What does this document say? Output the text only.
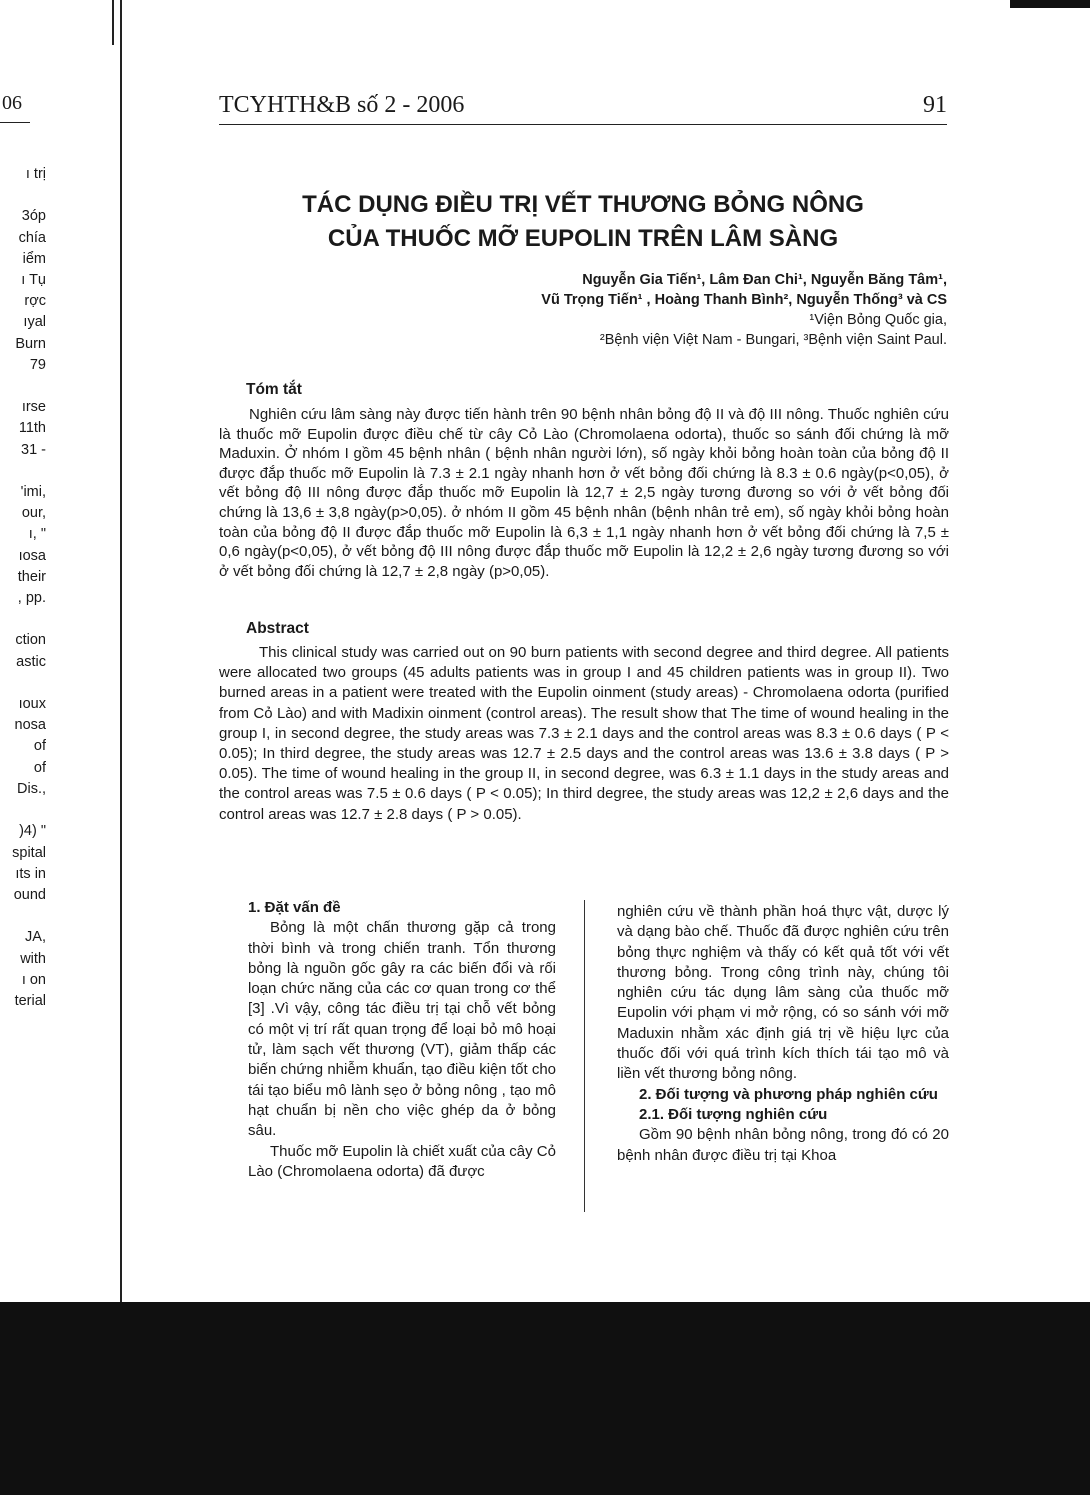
06
ı trị

3óp
chía
iểm
ı Tụ
rợc
ıyal
Burn
79

ırse
11th
31 -

'imi,
our,
ı, "
ıosa
their
, pp.

ction
astic

ıoux
nosa
of
of
Dis.,

)4) "
spital
ıts in
ound

JA,
with
ı on
terial
TCYHTH&B số 2 - 2006	91
TÁC DỤNG ĐIỀU TRỊ VẾT THƯƠNG BỎNG NÔNG
CỦA THUỐC MỠ EUPOLIN TRÊN LÂM SÀNG
Nguyễn Gia Tiến¹, Lâm Đan Chi¹, Nguyễn Băng Tâm¹,
Vũ Trọng Tiến¹ , Hoàng Thanh Bình², Nguyễn Thống³ và CS
¹Viện Bỏng Quốc gia,
²Bệnh viện Việt Nam - Bungari, ³Bệnh viện Saint Paul.
Tóm tắt
Nghiên cứu lâm sàng này được tiến hành trên 90 bệnh nhân bỏng độ II và độ III nông. Thuốc nghiên cứu là thuốc mỡ Eupolin được điều chế từ cây Cỏ Lào (Chromolaena odorta), thuốc so sánh đối chứng là mỡ Maduxin. Ở nhóm I gồm 45 bệnh nhân ( bệnh nhân người lớn), số ngày khỏi bỏng hoàn toàn của bỏng độ II được đắp thuốc mỡ Eupolin là 7.3 ± 2.1 ngày nhanh hơn ở vết bỏng đối chứng là 8.3 ± 0.6 ngày(p<0,05), ở vết bỏng độ III nông được đắp thuốc mỡ Eupolin là 12,7 ± 2,5 ngày tương đương so với ở vết bỏng đối chứng là 13,6 ± 3,8 ngày(p>0,05). ở nhóm II gồm 45 bệnh nhân (bệnh nhân trẻ em), số ngày khỏi bỏng hoàn toàn của bỏng độ II được đắp thuốc mỡ Eupolin là 6,3 ± 1,1 ngày nhanh hơn ở vết bỏng đối chứng là 7,5 ± 0,6 ngày(p<0,05), ở vết bỏng độ III nông được đắp thuốc mỡ Eupolin là 12,2 ± 2,6 ngày tương đương so với ở vết bỏng đối chứng là 12,7 ± 2,8 ngày (p>0,05).
Abstract
This clinical study was carried out on 90 burn patients with second degree and third degree. All patients were allocated two groups (45 adults patients was in group I and 45 children patients was in group II). Two burned areas in a patient were treated with the Eupolin oinment (study areas) - Chromolaena odorta (purified from Cỏ Lào) and with Madixin oinment (control areas). The result show that The time of wound healing in the group I, in second degree, the study areas was 7.3 ± 2.1 days and the control areas was 8.3 ± 0.6 days ( P < 0.05); In third degree, the study areas was 12.7 ± 2.5 days and the control areas was 13.6 ± 3.8 days ( P > 0.05). The time of wound healing in the group II, in second degree, was 6.3 ± 1.1 days in the study areas and the control areas was 7.5 ± 0.6 days ( P < 0.05); In third degree, the study areas was 12,2 ± 2,6 days and the control areas was 12.7 ± 2.8 days ( P > 0.05).
1. Đặt vấn đề

Bỏng là một chấn thương gặp cả trong thời bình và trong chiến tranh. Tổn thương bỏng là nguồn gốc gây ra các biến đổi và rối loạn chức năng của các cơ quan trong cơ thể [3] .Vì vậy, công tác điều trị tại chỗ vết bỏng có một vị trí rất quan trọng để loại bỏ mô hoại tử, làm sạch vết thương (VT), giảm thấp các biến chứng nhiễm khuẩn, tạo điều kiện tốt cho tái tạo biểu mô lành sẹo ở bỏng nông , tạo mô hạt chuẩn bị nền cho việc ghép da ở bỏng sâu.

Thuốc mỡ Eupolin là chiết xuất của cây Cỏ Lào (Chromolaena odorta) đã được

nghiên cứu về thành phần hoá thực vật, dược lý và dạng bào chế. Thuốc đã được nghiên cứu trên bỏng thực nghiệm và thấy có kết quả tốt với vết thương bỏng. Trong công trình này, chúng tôi nghiên cứu tác dụng lâm sàng của thuốc mỡ Eupolin với phạm vi mở rộng, có so sánh với mỡ Maduxin nhằm xác định giá trị về hiệu lực của thuốc đối với quá trình kích thích tái tạo mô và liền vết thương bỏng nông.

2. Đối tượng và phương pháp nghiên cứu
2.1. Đối tượng nghiên cứu

Gồm 90 bệnh nhân bỏng nông, trong đó có 20 bệnh nhân được điều trị tại Khoa
